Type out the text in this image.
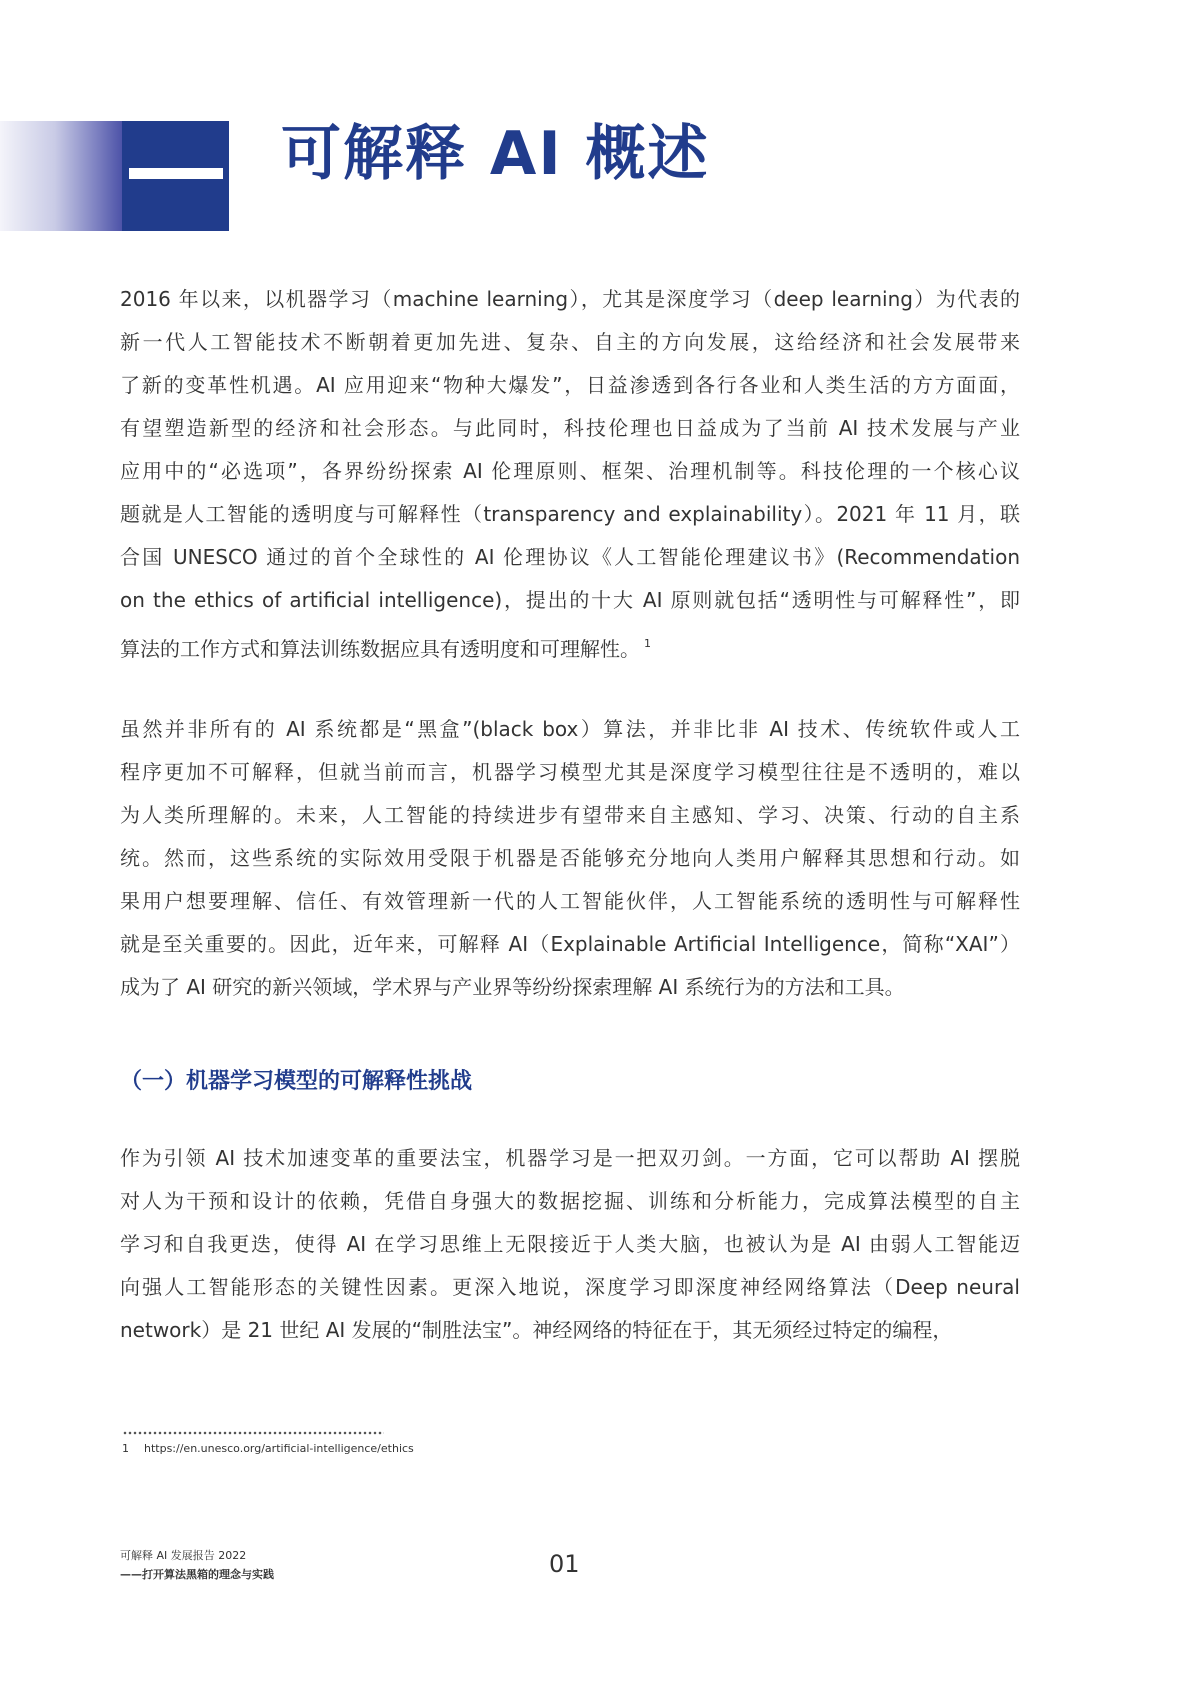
可解释 AI 概述
2016 年以来，以机器学习（machine learning），尤其是深度学习（deep learning）为代表的
新一代人工智能技术不断朝着更加先进、复杂、自主的方向发展，这给经济和社会发展带来
了新的变革性机遇。AI 应用迎来“物种大爆发”，日益渗透到各行各业和人类生活的方方面面，
有望塑造新型的经济和社会形态。与此同时，科技伦理也日益成为了当前 AI 技术发展与产业
应用中的“必选项”，各界纷纷探索 AI 伦理原则、框架、治理机制等。科技伦理的一个核心议
题就是人工智能的透明度与可解释性（transparency and explainability）。2021 年 11 月，联
合国 UNESCO 通过的首个全球性的 AI 伦理协议《人工智能伦理建议书》(Recommendation
on the ethics of artificial intelligence)，提出的十大 AI 原则就包括“透明性与可解释性”，即
算法的工作方式和算法训练数据应具有透明度和可理解性。 $^1$
虽然并非所有的 AI 系统都是“黑盒”(black box）算法，并非比非 AI 技术、传统软件或人工
程序更加不可解释，但就当前而言，机器学习模型尤其是深度学习模型往往是不透明的，难以
为人类所理解的。未来，人工智能的持续进步有望带来自主感知、学习、决策、行动的自主系
统。然而，这些系统的实际效用受限于机器是否能够充分地向人类用户解释其思想和行动。如
果用户想要理解、信任、有效管理新一代的人工智能伙伴，人工智能系统的透明性与可解释性
就是至关重要的。因此，近年来，可解释 AI（Explainable Artificial Intelligence，简称“XAI”）
成为了 AI 研究的新兴领域，学术界与产业界等纷纷探索理解 AI 系统行为的方法和工具。
（一）机器学习模型的可解释性挑战
作为引领 AI 技术加速变革的重要法宝，机器学习是一把双刃剑。一方面，它可以帮助 AI 摆脱
对人为干预和设计的依赖，凭借自身强大的数据挖掘、训练和分析能力，完成算法模型的自主
学习和自我更迭，使得 AI 在学习思维上无限接近于人类大脑，也被认为是 AI 由弱人工智能迈
向强人工智能形态的关键性因素。更深入地说，深度学习即深度神经网络算法（Deep neural
network）是 21 世纪 AI 发展的“制胜法宝”。神经网络的特征在于，其无须经过特定的编程，
1 https://en.unesco.org/artificial-intelligence/ethics
可解释 AI 发展报告 2022
——打开算法黑箱的理念与实践	01
